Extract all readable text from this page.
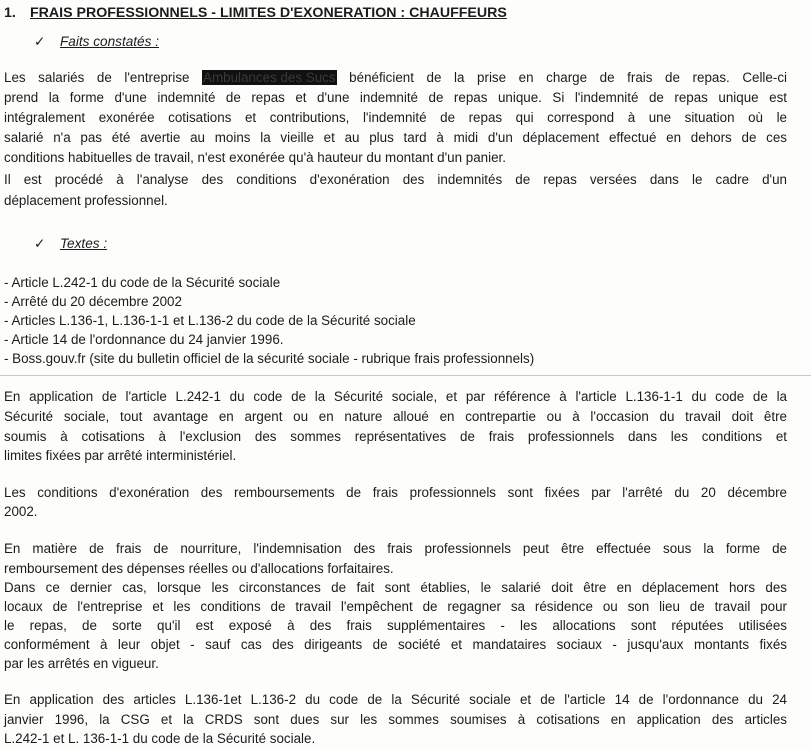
1. FRAIS PROFESSIONNELS - LIMITES D'EXONERATION : CHAUFFEURS
✓ Faits constatés :
Les salariés de l'entreprise Ambulances des Sucs bénéficient de la prise en charge de frais de repas. Celle-ci
prend la forme d'une indemnité de repas et d'une indemnité de repas unique. Si l'indemnité de repas unique est
intégralement exonérée cotisations et contributions, l'indemnité de repas qui correspond à une situation où le
salarié n'a pas été avertie au moins la vieille et au plus tard à midi d'un déplacement effectué en dehors de ces
conditions habituelles de travail, n'est exonérée qu'à hauteur du montant d'un panier.
Il est procédé à l'analyse des conditions d'exonération des indemnités de repas versées dans le cadre d'un
déplacement professionnel.
✓ Textes :
- Article L.242-1 du code de la Sécurité sociale
- Arrêté du 20 décembre 2002
- Articles L.136-1, L.136-1-1 et L.136-2 du code de la Sécurité sociale
- Article 14 de l'ordonnance du 24 janvier 1996.
- Boss.gouv.fr (site du bulletin officiel de la sécurité sociale - rubrique frais professionnels)
En application de l'article L.242-1 du code de la Sécurité sociale, et par référence à l'article L.136-1-1 du code de la
Sécurité sociale, tout avantage en argent ou en nature alloué en contrepartie ou à l'occasion du travail doit être
soumis à cotisations à l'exclusion des sommes représentatives de frais professionnels dans les conditions et
limites fixées par arrêté interministériel.
Les conditions d'exonération des remboursements de frais professionnels sont fixées par l'arrêté du 20 décembre
2002.
En matière de frais de nourriture, l'indemnisation des frais professionnels peut être effectuée sous la forme de
remboursement des dépenses réelles ou d'allocations forfaitaires.
Dans ce dernier cas, lorsque les circonstances de fait sont établies, le salarié doit être en déplacement hors des
locaux de l'entreprise et les conditions de travail l'empêchent de regagner sa résidence ou son lieu de travail pour
le repas, de sorte qu'il est exposé à des frais supplémentaires - les allocations sont réputées utilisées
conformément à leur objet - sauf cas des dirigeants de société et mandataires sociaux - jusqu'aux montants fixés
par les arrêtés en vigueur.
En application des articles L.136-1et L.136-2 du code de la Sécurité sociale et de l'article 14 de l'ordonnance du 24
janvier 1996, la CSG et la CRDS sont dues sur les sommes soumises à cotisations en application des articles
L.242-1 et L. 136-1-1 du code de la Sécurité sociale.
